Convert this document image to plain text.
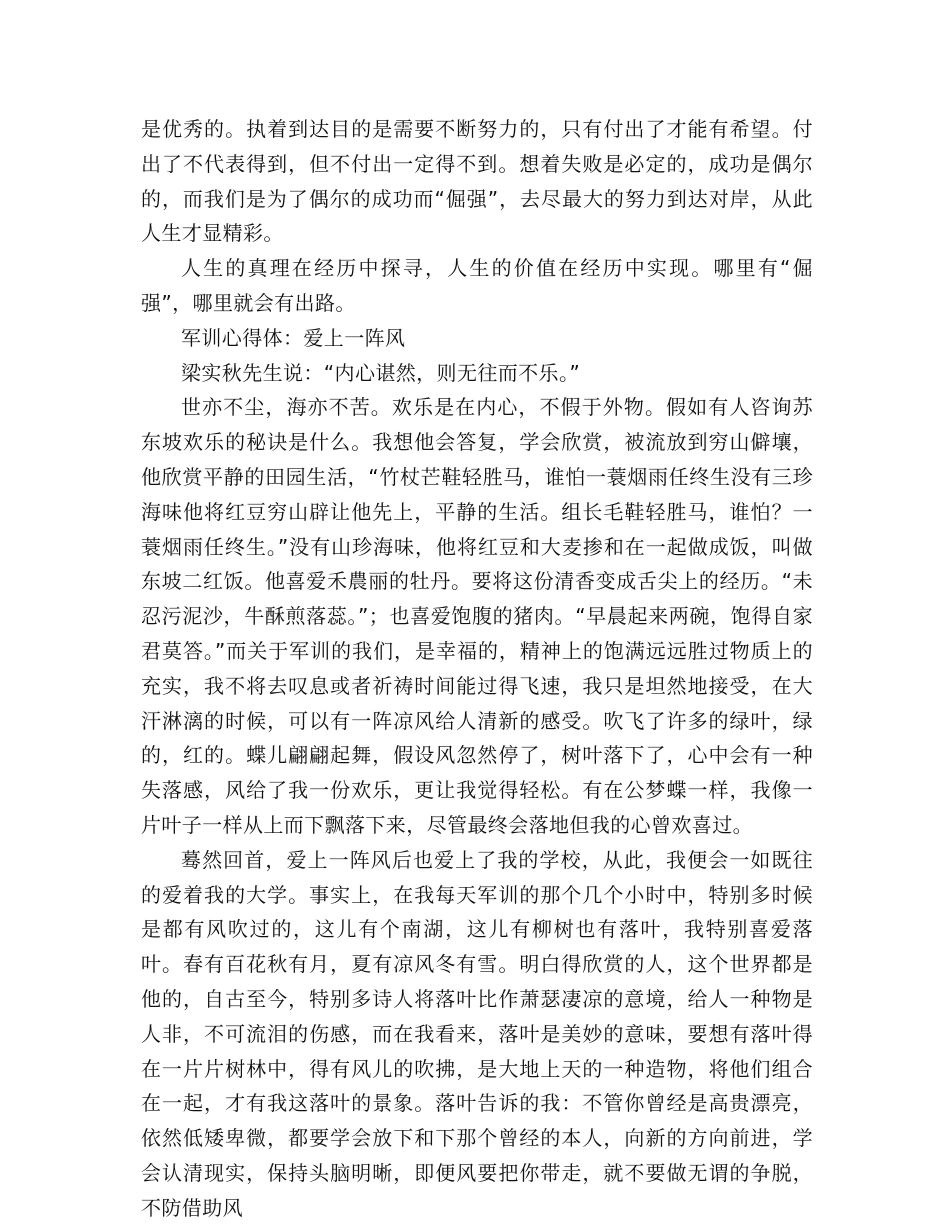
是优秀的。执着到达目的是需要不断努力的，只有付出了才能有希望。付出了不代表得到，但不付出一定得不到。想着失败是必定的，成功是偶尔的，而我们是为了偶尔的成功而“倔强”，去尽最大的努力到达对岸，从此人生才显精彩。

人生的真理在经历中探寻，人生的价值在经历中实现。哪里有“倔强”，哪里就会有出路。

军训心得体：爱上一阵风

梁实秋先生说：“内心谌然，则无往而不乐。”

世亦不尘，海亦不苦。欢乐是在内心，不假于外物。假如有人咨询苏东坡欢乐的秘诀是什么。我想他会答复，学会欣赏，被流放到穷山僻壤，他欣赏平静的田园生活，“竹杖芒鞋轻胜马，谁怕一蓑烟雨任终生没有三珍海味他将红豆穷山辟让他先上，平静的生活。组长毛鞋轻胜马，谁怕？一蓑烟雨任终生。”没有山珍海味，他将红豆和大麦掺和在一起做成饭，叫做东坡二红饭。他喜爱禾農丽的牡丹。要将这份清香变成舌尖上的经历。“未忍污泥沙，牛酥煎落蕊。”；也喜爱饱腹的猪肉。“早晨起来两碗，饱得自家君莫答。”而关于军训的我们，是幸福的，精神上的饱满远远胜过物质上的充实，我不将去叹息或者祈祷时间能过得飞速，我只是坦然地接受，在大汗淋漓的时候，可以有一阵凉风给人清新的感受。吹飞了许多的绿叶，绿的，红的。蝶儿翩翩起舞，假设风忽然停了，树叶落下了，心中会有一种失落感，风给了我一份欢乐，更让我觉得轻松。有在公梦蝶一样，我像一片叶子一样从上而下飘落下来，尽管最终会落地但我的心曾欢喜过。

蓦然回首，爱上一阵风后也爱上了我的学校，从此，我便会一如既往的爱着我的大学。事实上，在我每天军训的那个几个小时中，特别多时候是都有风吹过的，这儿有个南湖，这儿有柳树也有落叶，我特别喜爱落叶。春有百花秋有月，夏有凉风冬有雪。明白得欣赏的人，这个世界都是他的，自古至今，特别多诗人将落叶比作萧瑟凄凉的意境，给人一种物是人非，不可流泪的伤感，而在我看来，落叶是美妙的意味，要想有落叶得在一片片树林中，得有风儿的吹拂，是大地上天的一种造物，将他们组合在一起，才有我这落叶的景象。落叶告诉的我：不管你曾经是高贵漂亮，依然低矮卑微，都要学会放下和下那个曾经的本人，向新的方向前进，学会认清现实，保持头脑明晰，即便风要把你带走，就不要做无谓的争脱，不防借助风
